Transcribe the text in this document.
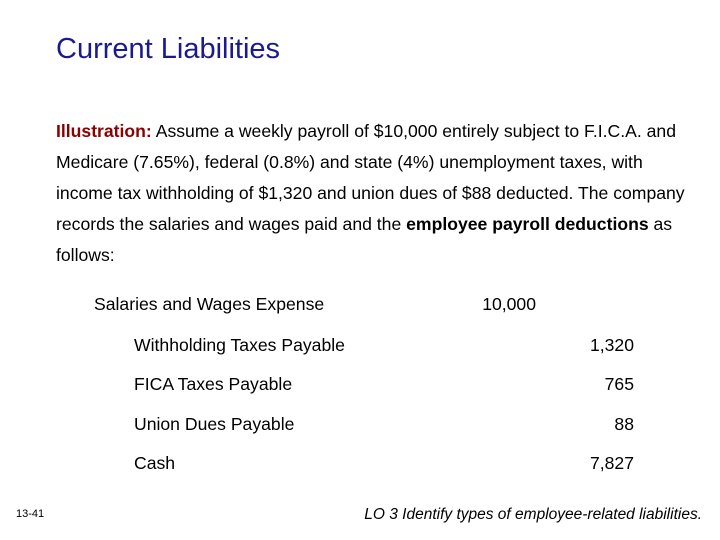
Current Liabilities

Illustration: Assume a weekly payroll of $10,000 entirely subject to F.I.C.A. and Medicare (7.65%), federal (0.8%) and state (4%) unemployment taxes, with income tax withholding of $1,320 and union dues of $88 deducted. The company records the salaries and wages paid and the employee payroll deductions as follows:

Salaries and Wages Expense	10,000
Withholding Taxes Payable	1,320
FICA Taxes Payable	765
Union Dues Payable	88
Cash	7,827
13-41	LO 3 Identify types of employee-related liabilities.
